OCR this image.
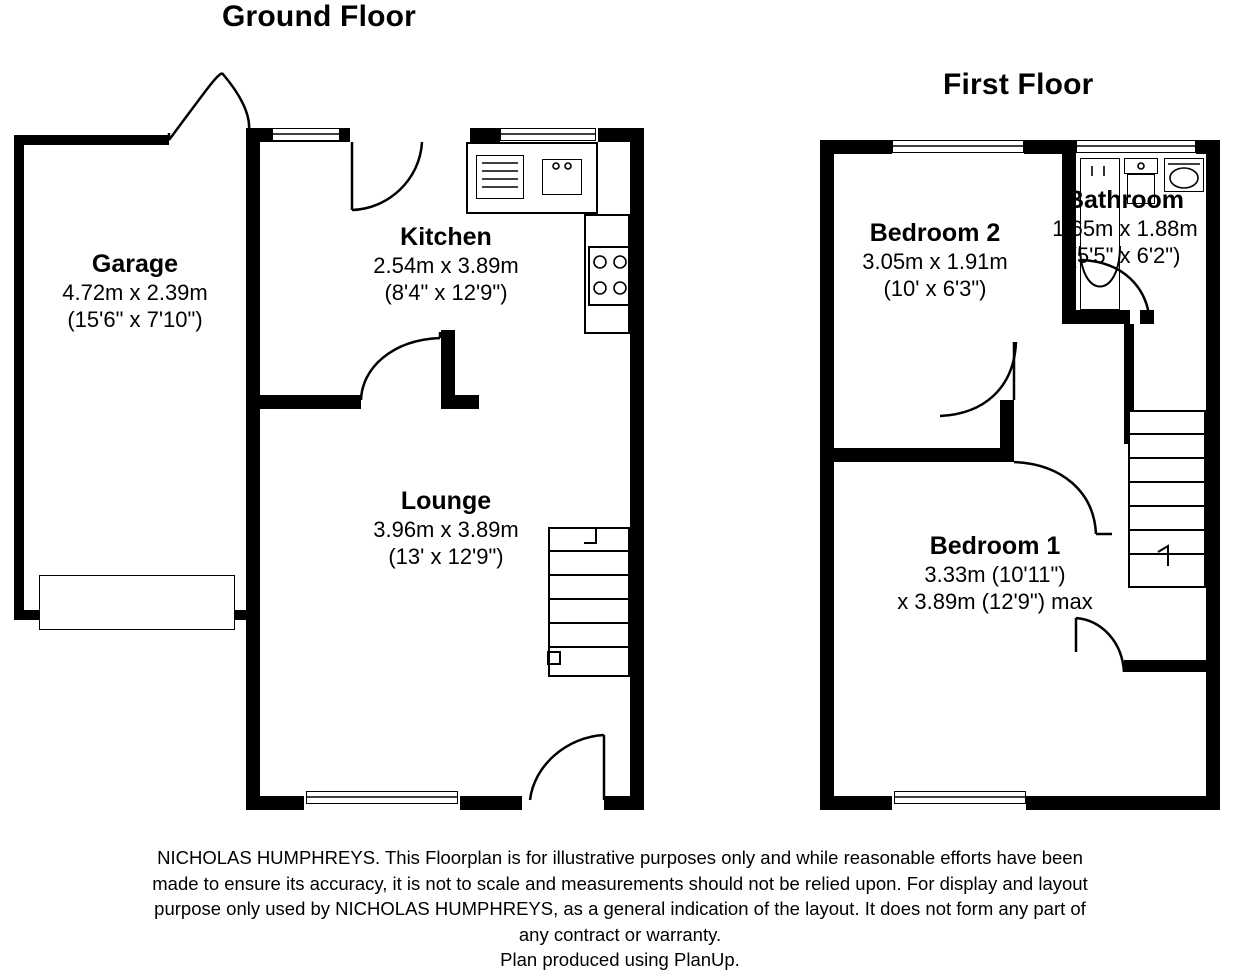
Ground Floor
First Floor
Lounge
3.96m x 3.89m
(13' x 12'9")
Kitchen
2.54m x 3.89m
(8'4" x 12'9")
Garage
4.72m x 2.39m
(15'6" x 7'10")
Bedroom 2
3.05m x 1.91m
(10' x 6'3")
Bathroom
1.65m x 1.88m
(5'5" x 6'2")
Bedroom 1
3.33m (10'11")
x 3.89m (12'9") max
NICHOLAS HUMPHREYS. This Floorplan is for illustrative purposes only and while reasonable efforts have been
made to ensure its accuracy, it is not to scale and measurements should not be relied upon. For display and layout
purpose only used by NICHOLAS HUMPHREYS, as a general indication of the layout. It does not form any part of
any contract or warranty.
Plan produced using PlanUp.
